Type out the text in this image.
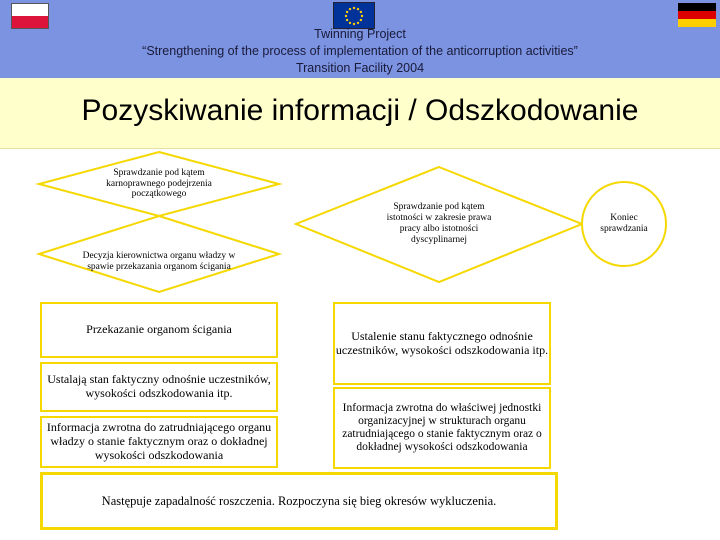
Twinning Project
“Strengthening of the process of implementation of the anticorruption activities”
Transition Facility 2004
Pozyskiwanie informacji / Odszkodowanie
Sprawdzanie pod kątem karnoprawnego podejrzenia początkowego
Decyzja kierownictwa organu władzy w spawie przekazania organom ścigania
Sprawdzanie pod kątem istotności w zakresie prawa pracy albo istotności dyscyplinarnej
Koniec sprawdzania
Przekazanie organom ścigania
Ustalają stan faktyczny odnośnie uczestników, wysokości odszkodowania itp.
Informacja zwrotna do zatrudniającego organu władzy o stanie faktycznym oraz o dokładnej wysokości odszkodowania
Ustalenie stanu faktycznego odnośnie uczestników, wysokości odszkodowania itp.
Informacja zwrotna do właściwej jednostki organizacyjnej w strukturach organu zatrudniającego o stanie faktycznym oraz o dokładnej wysokości odszkodowania
Następuje zapadalność roszczenia. Rozpoczyna się bieg okresów wykluczenia.
